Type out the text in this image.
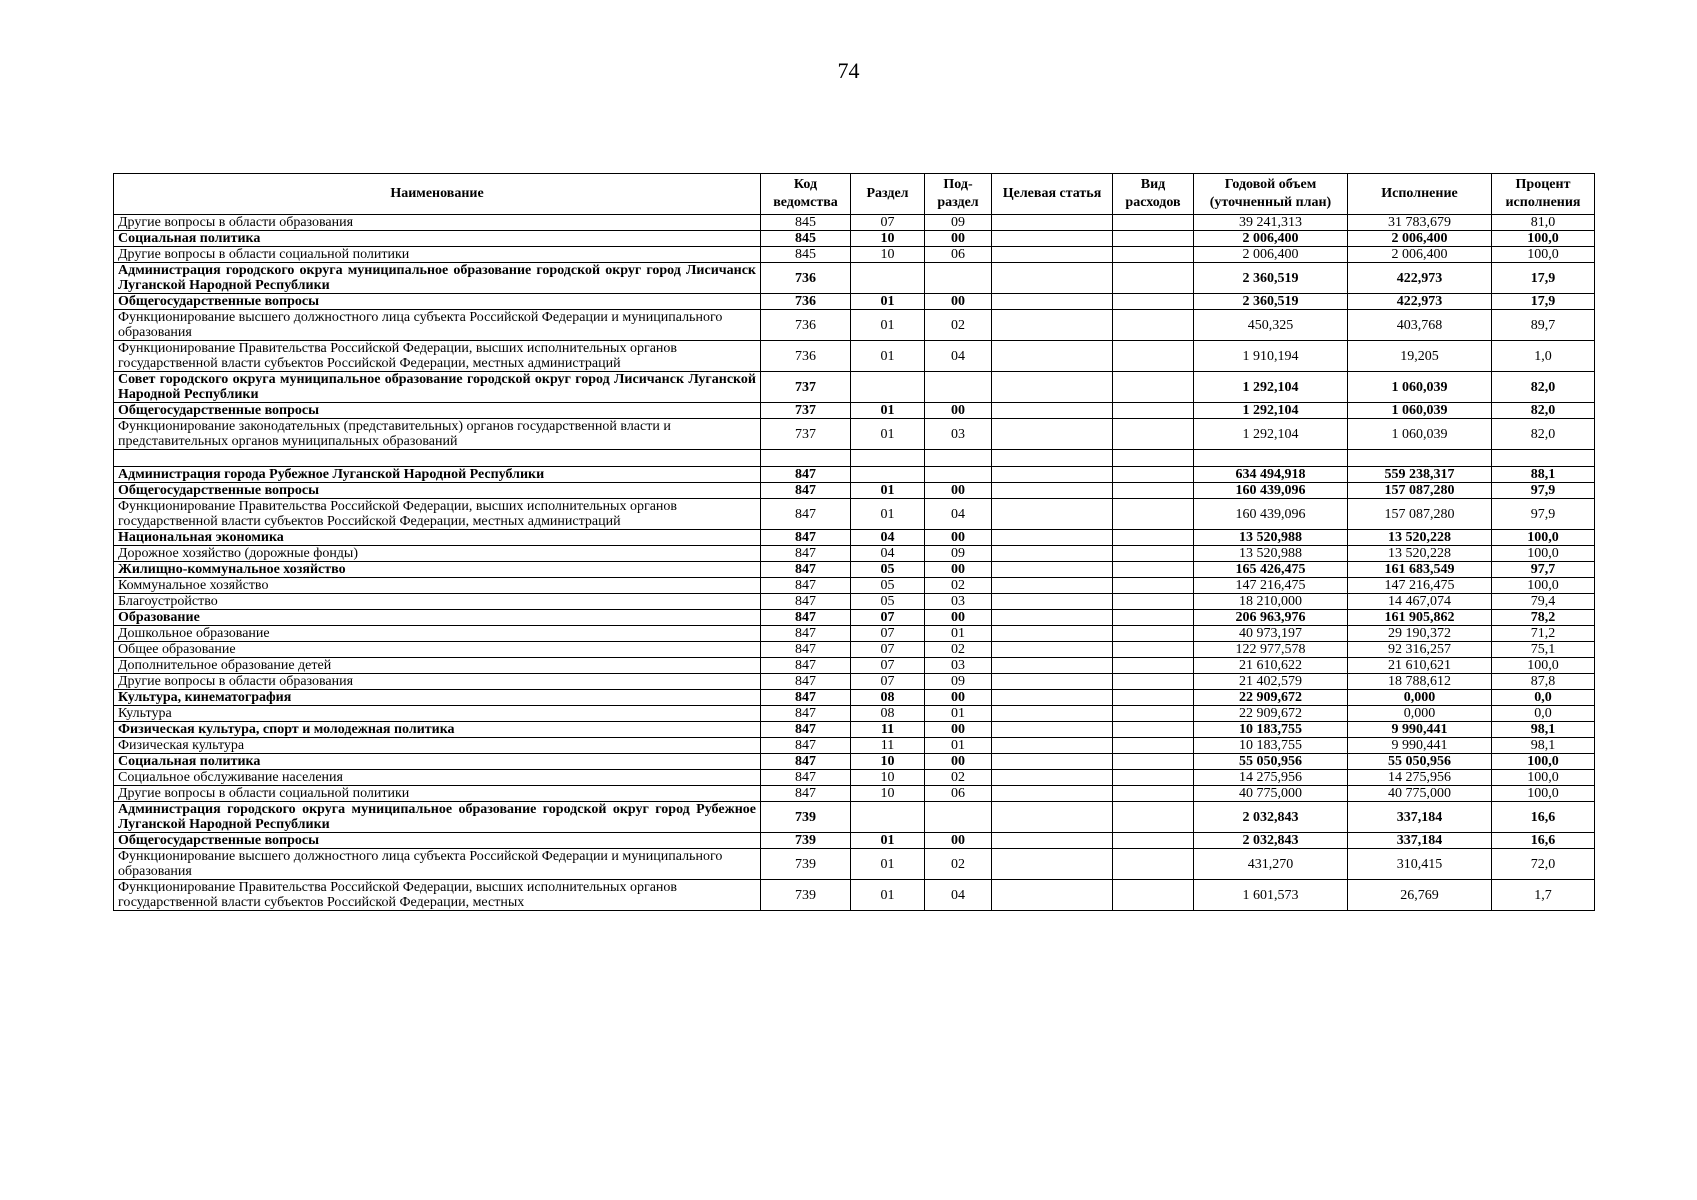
74
Наименование	Код ведомства	Раздел	Под-раздел	Целевая статья	Вид расходов	Годовой объем (уточненный план)	Исполнение	Процент исполнения
Другие вопросы в области образования	845	07	09			39 241,313	31 783,679	81,0
Социальная политика	845	10	00			2 006,400	2 006,400	100,0
Другие вопросы в области социальной политики	845	10	06			2 006,400	2 006,400	100,0
Администрация городского округа муниципальное образование городской округ город Лисичанск Луганской Народной Республики	736					2 360,519	422,973	17,9
Общегосударственные вопросы	736	01	00			2 360,519	422,973	17,9
Функционирование высшего должностного лица субъекта Российской Федерации и муниципального образования	736	01	02			450,325	403,768	89,7
Функционирование Правительства Российской Федерации, высших исполнительных органов государственной власти субъектов Российской Федерации, местных администраций	736	01	04			1 910,194	19,205	1,0
Совет городского округа муниципальное образование городской округ город Лисичанск Луганской Народной Республики	737					1 292,104	1 060,039	82,0
Общегосударственные вопросы	737	01	00			1 292,104	1 060,039	82,0
Функционирование законодательных (представительных) органов государственной власти и представительных органов муниципальных образований	737	01	03			1 292,104	1 060,039	82,0

Администрация города Рубежное Луганской Народной Республики	847					634 494,918	559 238,317	88,1
Общегосударственные вопросы	847	01	00			160 439,096	157 087,280	97,9
Функционирование Правительства Российской Федерации, высших исполнительных органов государственной власти субъектов Российской Федерации, местных администраций	847	01	04			160 439,096	157 087,280	97,9
Национальная экономика	847	04	00			13 520,988	13 520,228	100,0
Дорожное хозяйство (дорожные фонды)	847	04	09			13 520,988	13 520,228	100,0
Жилищно-коммунальное хозяйство	847	05	00			165 426,475	161 683,549	97,7
Коммунальное хозяйство	847	05	02			147 216,475	147 216,475	100,0
Благоустройство	847	05	03			18 210,000	14 467,074	79,4
Образование	847	07	00			206 963,976	161 905,862	78,2
Дошкольное образование	847	07	01			40 973,197	29 190,372	71,2
Общее образование	847	07	02			122 977,578	92 316,257	75,1
Дополнительное образование детей	847	07	03			21 610,622	21 610,621	100,0
Другие вопросы в области образования	847	07	09			21 402,579	18 788,612	87,8
Культура, кинематография	847	08	00			22 909,672	0,000	0,0
Культура	847	08	01			22 909,672	0,000	0,0
Физическая культура, спорт и молодежная политика	847	11	00			10 183,755	9 990,441	98,1
Физическая культура	847	11	01			10 183,755	9 990,441	98,1
Социальная политика	847	10	00			55 050,956	55 050,956	100,0
Социальное обслуживание населения	847	10	02			14 275,956	14 275,956	100,0
Другие вопросы в области социальной политики	847	10	06			40 775,000	40 775,000	100,0
Администрация городского округа муниципальное образование городской округ город Рубежное Луганской Народной Республики	739					2 032,843	337,184	16,6
Общегосударственные вопросы	739	01	00			2 032,843	337,184	16,6
Функционирование высшего должностного лица субъекта Российской Федерации и муниципального образования	739	01	02			431,270	310,415	72,0
Функционирование Правительства Российской Федерации, высших исполнительных органов государственной власти субъектов Российской Федерации, местных	739	01	04			1 601,573	26,769	1,7
